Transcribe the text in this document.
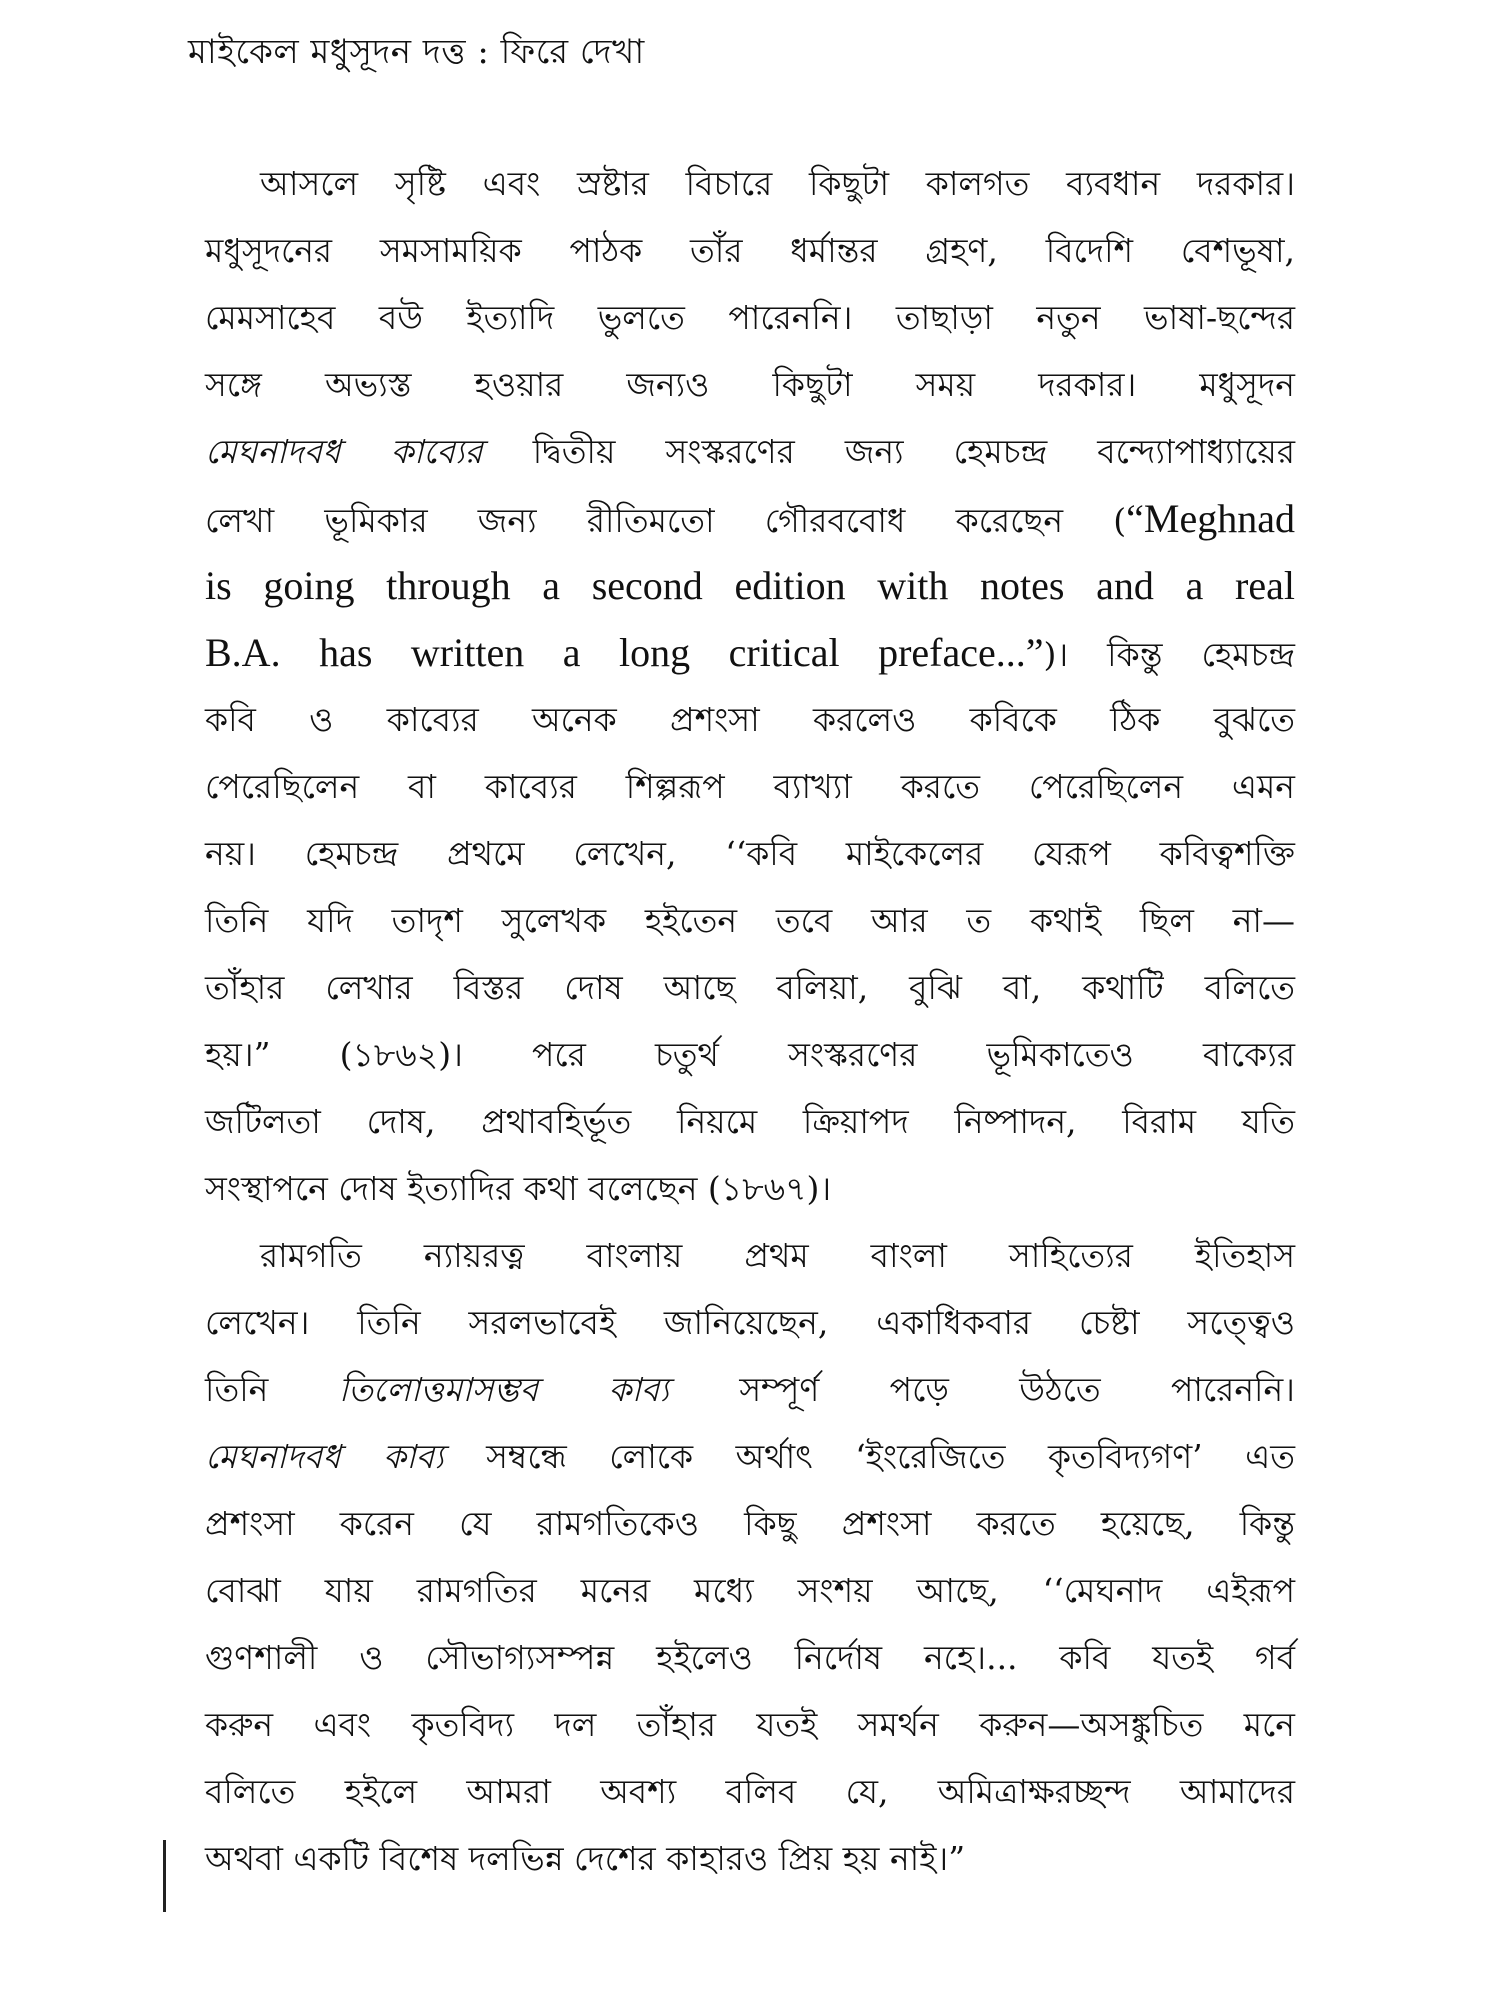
মাইকেল মধুসূদন দত্ত : ফিরে দেখা
আসলে সৃষ্টি এবং স্রষ্টার বিচারে কিছুটা কালগত ব্যবধান দরকার।
মধুসূদনের সমসাময়িক পাঠক তাঁর ধর্মান্তর গ্রহণ, বিদেশি বেশভূষা,
মেমসাহেব বউ ইত্যাদি ভুলতে পারেননি। তাছাড়া নতুন ভাষা-ছন্দের
সঙ্গে অভ্যস্ত হওয়ার জন্যও কিছুটা সময় দরকার। মধুসূদন
মেঘনাদবধ কাব্যের দ্বিতীয় সংস্করণের জন্য হেমচন্দ্র বন্দ্যোপাধ্যায়ের
লেখা ভূমিকার জন্য রীতিমতো গৌরববোধ করেছেন (“Meghnad
is going through a second edition with notes and a real
B.A. has written a long critical preface...”)। কিন্তু হেমচন্দ্র
কবি ও কাব্যের অনেক প্রশংসা করলেও কবিকে ঠিক বুঝতে
পেরেছিলেন বা কাব্যের শিল্পরূপ ব্যাখ্যা করতে পেরেছিলেন এমন
নয়। হেমচন্দ্র প্রথমে লেখেন, ‘‘কবি মাইকেলের যেরূপ কবিত্বশক্তি
তিনি যদি তাদৃশ সুলেখক হইতেন তবে আর ত কথাই ছিল না—
তাঁহার লেখার বিস্তর দোষ আছে বলিয়া, বুঝি বা, কথাটি বলিতে
হয়।” (১৮৬২)। পরে চতুর্থ সংস্করণের ভূমিকাতেও বাক্যের
জটিলতা দোষ, প্রথাবহির্ভূত নিয়মে ক্রিয়াপদ নিষ্পাদন, বিরাম যতি
সংস্থাপনে দোষ ইত্যাদির কথা বলেছেন (১৮৬৭)।
রামগতি ন্যায়রত্ন বাংলায় প্রথম বাংলা সাহিত্যের ইতিহাস
লেখেন। তিনি সরলভাবেই জানিয়েছেন, একাধিকবার চেষ্টা সত্ত্বেও
তিনি তিলোত্তমাসম্ভব কাব্য সম্পূর্ণ পড়ে উঠতে পারেননি।
মেঘনাদবধ কাব্য সম্বন্ধে লোকে অর্থাৎ ‘ইংরেজিতে কৃতবিদ্যগণ’ এত
প্রশংসা করেন যে রামগতিকেও কিছু প্রশংসা করতে হয়েছে, কিন্তু
বোঝা যায় রামগতির মনের মধ্যে সংশয় আছে, ‘‘মেঘনাদ এইরূপ
গুণশালী ও সৌভাগ্যসম্পন্ন হইলেও নির্দোষ নহে।... কবি যতই গর্ব
করুন এবং কৃতবিদ্য দল তাঁহার যতই সমর্থন করুন—অসঙ্কুচিত মনে
বলিতে হইলে আমরা অবশ্য বলিব যে, অমিত্রাক্ষরচ্ছন্দ আমাদের
অথবা একটি বিশেষ দলভিন্ন দেশের কাহারও প্রিয় হয় নাই।”
